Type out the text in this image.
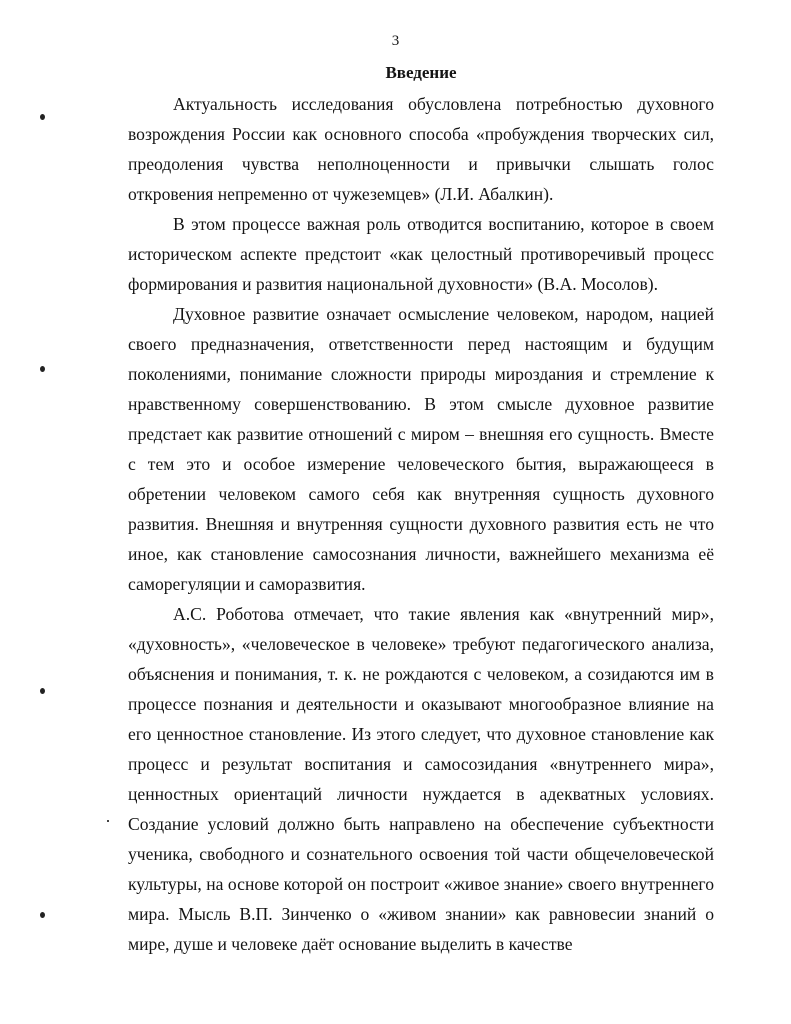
3
Введение

Актуальность исследования обусловлена потребностью духовного возрождения России как основного способа «пробуждения творческих сил, преодоления чувства неполноценности и привычки слышать голос откровения непременно от чужеземцев» (Л.И. Абалкин).

В этом процессе важная роль отводится воспитанию, которое в своем историческом аспекте предстоит «как целостный противоречивый процесс формирования и развития национальной духовности» (В.А. Мосолов).

Духовное развитие означает осмысление человеком, народом, нацией своего предназначения, ответственности перед настоящим и будущим поколениями, понимание сложности природы мироздания и стремление к нравственному совершенствованию. В этом смысле духовное развитие предстает как развитие отношений с миром – внешняя его сущность. Вместе с тем это и особое измерение человеческого бытия, выражающееся в обретении человеком самого себя как внутренняя сущность духовного развития. Внешняя и внутренняя сущности духовного развития есть не что иное, как становление самосознания личности, важнейшего механизма её саморегуляции и саморазвития.

А.С. Роботова отмечает, что такие явления как «внутренний мир», «духовность», «человеческое в человеке» требуют педагогического анализа, объяснения и понимания, т. к. не рождаются с человеком, а созидаются им в процессе познания и деятельности и оказывают многообразное влияние на его ценностное становление. Из этого следует, что духовное становление как процесс и результат воспитания и самосозидания «внутреннего мира», ценностных ориентаций личности нуждается в адекватных условиях. Создание условий должно быть направлено на обеспечение субъектности ученика, свободного и сознательного освоения той части общечеловеческой культуры, на основе которой он построит «живое знание» своего внутреннего мира. Мысль В.П. Зинченко о «живом знании» как равновесии знаний о мире, душе и человеке даёт основание выделить в качестве
